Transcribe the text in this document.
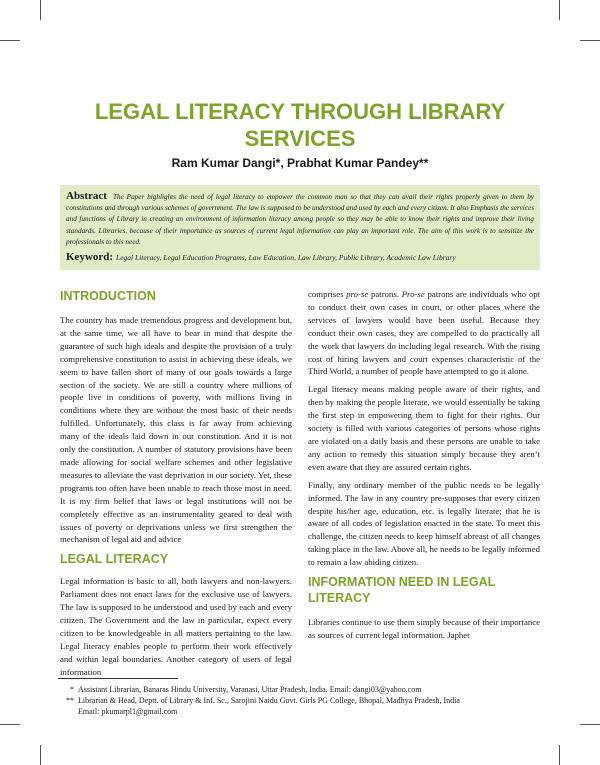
LEGAL LITERACY THROUGH LIBRARY SERVICES

Ram Kumar Dangi*, Prabhat Kumar Pandey**

Abstract The Paper highlights the need of legal literacy to empower the common man so that they can avail their rights properly given to them by constitutions and through various schemes of government. The law is supposed to be understood and used by each and every citizen. It also Emphasis the services and functions of Library in creating an environment of information literacy among people so they may be able to know their rights and improve their living standards. Libraries, because of their importance as sources of current legal information can play an important role. The aim of this work is to sensitize the professionals to this need.

Keyword: Legal Literacy, Legal Education Programs, Law Education, Law Library, Public Library, Academic Law Library

INTRODUCTION

The country has made tremendous progress and development but, at the same time, we all have to bear in mind that despite the guarantee of such high ideals and despite the provision of a truly comprehensive constitution to assist in achieving these ideals, we seem to have fallen short of many of our goals towards a large section of the society. We are still a country where millions of people live in conditions of poverty, with millions living in conditions where they are without the most basic of their needs fulfilled. Unfortunately, this class is far away from achieving many of the ideals laid down in our constitution. And it is not only the constitution. A number of statutory provisions have been made allowing for social welfare schemes and other legislative measures to alleviate the vast deprivation in our society. Yet, these programs too often have been unable to reach those most in need. It is my firm belief that laws or legal institutions will not be completely effective as an instrumentality geared to deal with issues of poverty or deprivations unless we first strengthen the mechanism of legal aid and advice

LEGAL LITERACY

Legal information is basic to all, both lawyers and non-lawyers. Parliament does not enact laws for the exclusive use of lawyers. The law is supposed to be understood and used by each and every citizen. The Government and the law in particular, expect every citizen to be knowledgeable in all matters pertaining to the law. Legal literacy enables people to perform their work effectively and within legal boundaries. Another category of users of legal information

comprises pro-se patrons. Pro-se patrons are individuals who opt to conduct their own cases in court, or other places where the services of lawyers would have been useful. Because they conduct their own cases, they are compelled to do practically all the work that lawyers do including legal research. With the rising cost of hiring lawyers and court expenses characteristic of the Third World, a number of people have attempted to go it alone.

Legal literacy means making people aware of their rights, and then by making the people literate, we would essentially be taking the first step in empowering them to fight for their rights. Our society is filled with various categories of persons whose rights are violated on a daily basis and these persons are unable to take any action to remedy this situation simply because they aren’t even aware that they are assured certain rights.

Finally, any ordinary member of the public needs to be legally informed. The law in any country pre-supposes that every citizen despite his/her age, education, etc. is legally literate; that he is aware of all codes of legislation enacted in the state. To meet this challenge, the citizen needs to keep himself abreast of all changes taking place in the law. Above all, he needs to be legally informed to remain a law abiding citizen.

INFORMATION NEED IN LEGAL LITERACY

Libraries continue to use them simply because of their importance as sources of current legal information. Japhet

* Assistant Librarian, Banaras Hindu University, Varanasi, Uttar Pradesh, India. Email: dangi03@yahoo.com

** Librarian & Head, Deptt. of Library & Inf. Sc., Sarojini Naidu Govt. Girls PG College, Bhopal, Madhya Pradesh, India

Email: pkumarpl1@gmail.com
